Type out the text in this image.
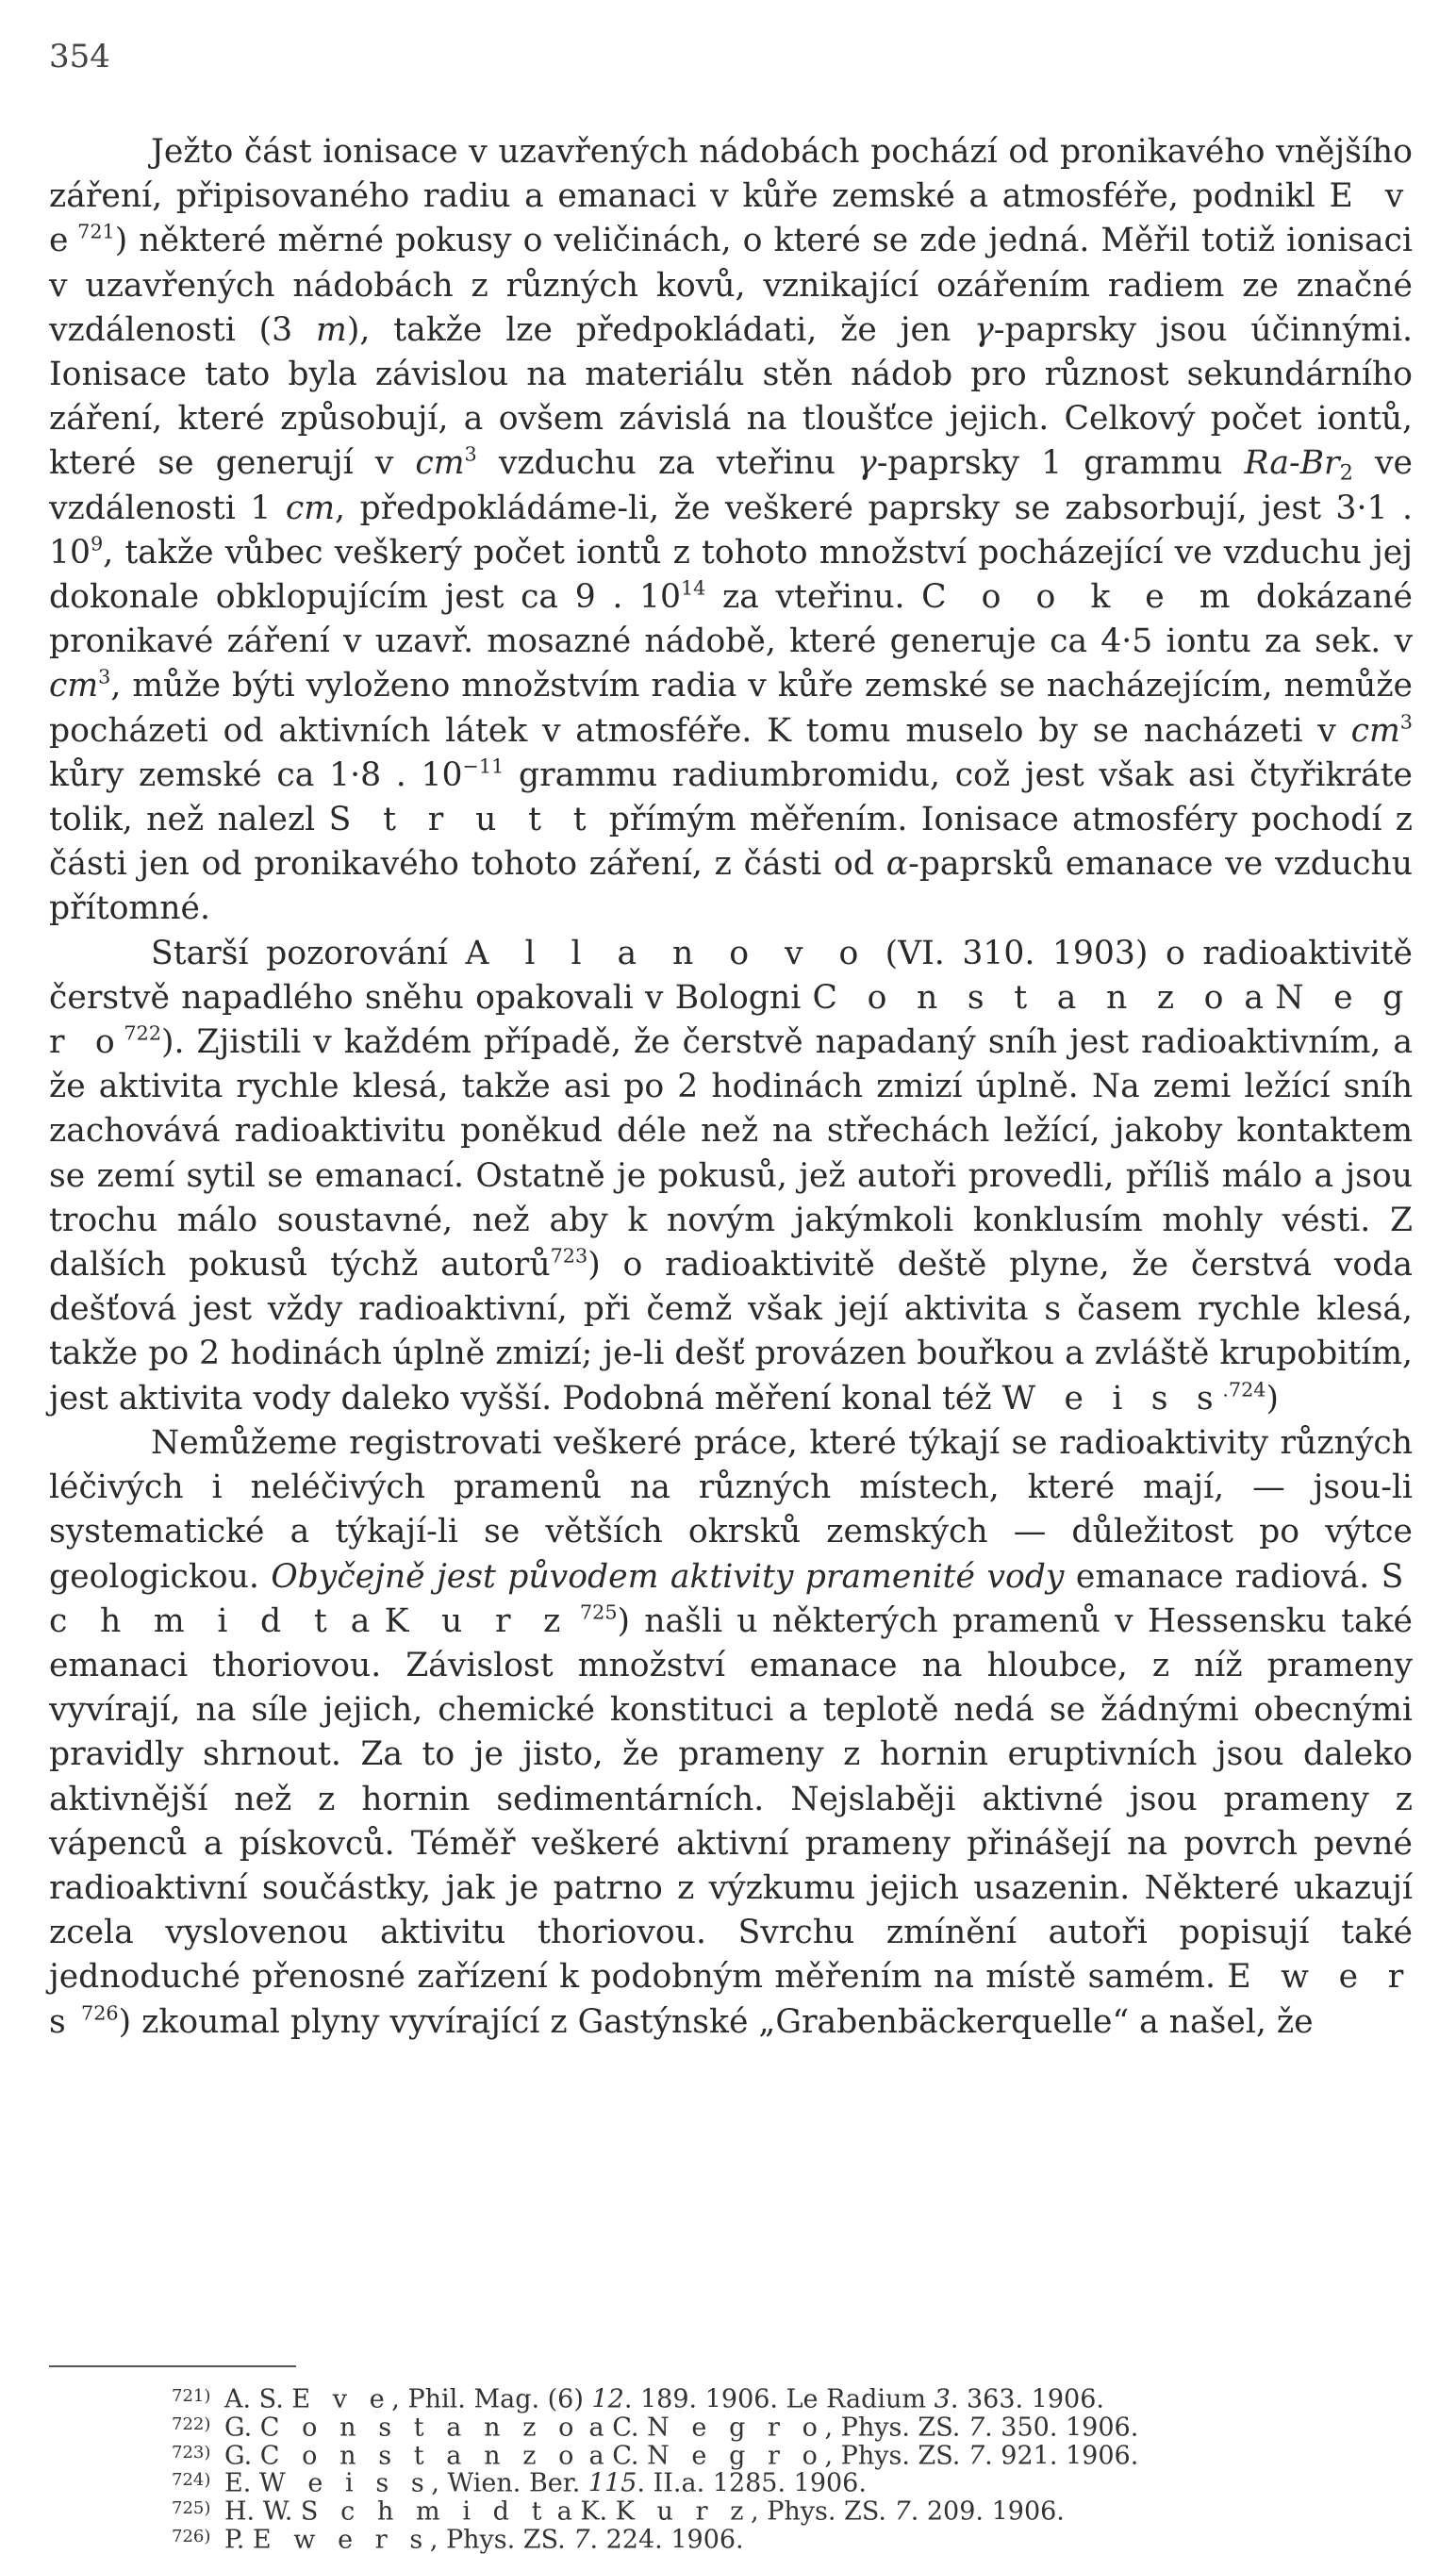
354

Ježto část ionisace v uzavřených nádobách pochází od pronikavého vnějšího záření, připisovaného radiu a emanaci v kůře zemské a atmosféře, podnikl E v $e^{721}$) některé měrné pokusy o veličinách, o které se zde jedná. Měřil totiž ionisaci v uzavřených nádobách z různých kovů, vznikající ozářením radiem ze značné vzdálenosti (3 m), takže lze předpokládati, že jen γ-paprsky jsou účinnými. Ionisace tato byla závislou na materiálu stěn nádob pro různost sekundárního záření, které způsobují, a ovšem závislá na tloušťce jejich. Celkový počet iontů, které se generují v $cm^3$ vzduchu za vteřinu γ-paprsky 1 grammu $Ra-Br_2$ ve vzdálenosti 1 cm, předpokládáme-li, že veškeré paprsky se zabsorbují, jest 3·1 . $10^9$, takže vůbec veškerý počet iontů z tohoto množství pocházející ve vzduchu jej dokonale obklopujícím jest ca 9 . $10^{14}$ za vteřinu. C o o k e m dokázané pronikavé záření v uzavř. mosazné nádobě, které generuje ca 4·5 iontu za sek. v $cm^3$, může býti vyloženo množstvím radia v kůře zemské se nacházejícím, nemůže pocházeti od aktivních látek v atmosféře. K tomu muselo by se nacházeti v $cm^3$ kůry zemské ca 1·8 . $10^{-11}$ grammu radiumbromidu, což jest však asi čtyřikráte tolik, než nalezl S t r u t t přímým měřením. Ionisace atmosféry pochodí z části jen od pronikavého tohoto záření, z části od α-paprsků emanace ve vzduchu přítomné.

Starší pozorování A l l a n o v o (VI. 310. 1903) o radioaktivitě čerstvě napadlého sněhu opakovali v Bologni C o n s t a n z o a N e g r $o^{722}$). Zjistili v každém případě, že čerstvě napadaný sníh jest radioaktivním, a že aktivita rychle klesá, takže asi po 2 hodinách zmizí úplně. Na zemi ležící sníh zachovává radioaktivitu poněkud déle než na střechách ležící, jakoby kontaktem se zemí sytil se emanací. Ostatně je pokusů, jež autoři provedli, příliš málo a jsou trochu málo soustavné, než aby k novým jakýmkoli konklusím mohly vésti. Z dalších pokusů týchž autorů$^{723}$) o radioaktivitě deště plyne, že čerstvá voda dešťová jest vždy radioaktivní, při čemž však její aktivita s časem rychle klesá, takže po 2 hodinách úplně zmizí; je-li dešť provázen bouřkou a zvláště krupobitím, jest aktivita vody daleko vyšší. Podobná měření konal též W e i s $s^{.724}$)

Nemůžeme registrovati veškeré práce, které týkají se radioaktivity různých léčivých i neléčivých pramenů na různých místech, které mají, — jsou-li systematické a týkají-li se větších okrsků zemských — důležitost po výtce geologickou. Obyčejně jest původem aktivity pramenité vody emanace radiová. S c h m i d t a K u r z $^{725}$) našli u některých pramenů v Hessensku také emanaci thoriovou. Závislost množství emanace na hloubce, z níž prameny vyvírají, na síle jejich, chemické konstituci a teplotě nedá se žádnými obecnými pravidly shrnout. Za to je jisto, že prameny z hornin eruptivních jsou daleko aktivnější než z hornin sedimentárních. Nejslaběji aktivné jsou prameny z vápenců a pískovců. Téměř veškeré aktivní prameny přinášejí na povrch pevné radioaktivní součástky, jak je patrno z výzkumu jejich usazenin. Některé ukazují zcela vyslovenou aktivitu thoriovou. Svrchu zmínění autoři popisují také jednoduché přenosné zařízení k podobným měřením na místě samém. E w e r s $^{726}$) zkoumal plyny vyvírající z Gastýnské „Grabenbäckerquelle“ a našel, že

721) A. S. E v e, Phil. Mag. (6) 12. 189. 1906. Le Radium 3. 363. 1906.
722) G. C o n s t a n z o a C. N e g r o, Phys. ZS. 7. 350. 1906.
723) G. C o n s t a n z o a C. N e g r o, Phys. ZS. 7. 921. 1906.
724) E. W e i s s, Wien. Ber. 115. II.a. 1285. 1906.
725) H. W. S c h m i d t a K. K u r z, Phys. ZS. 7. 209. 1906.
726) P. E w e r s, Phys. ZS. 7. 224. 1906.
